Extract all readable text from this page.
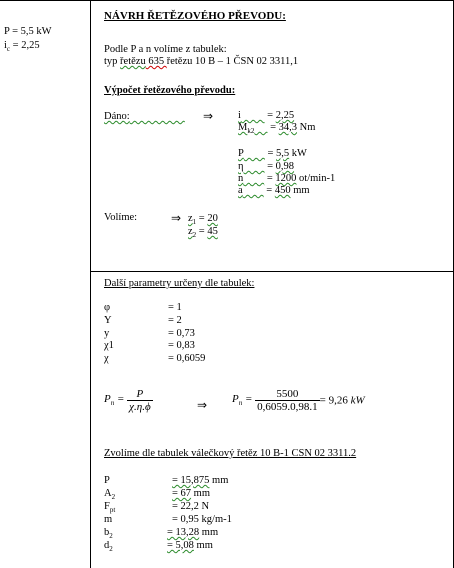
P = 5,5 kW
$i_c = 2,25$
NÁVRH ŘETĚZOVÉHO PŘEVODU:
Podle P a n volíme z tabulek:
typ řetězu 635 řetězu 10 B – 1 ČSN 02 3311,1
Výpočet řetězového převodu:
Dáno:	⇒ i          = 2,25
$M_{k2}$      = 34,3 Nm
P         = 5,5 kW
η         = 0,98
n         = 1200 ot/min-1
a         = 450 mm
Volíme:	⇒ $z_1 = 20$
$z_2 = 45$
Další parametry určeny dle tabulek:
φ	= 1
Y	= 2
y	= 0,73
χ1	= 0,83
χ	= 0,6059
$P_n = \frac{P}{\chi.\eta.\phi}$	⇒ $P_n = \frac{5500}{0,6059.0,98.1} = 9,26$ kW
Zvolíme dle tabulek válečkový řetěz 10 B-1 CSN 02 3311.2
P	= 15,875 mm
$A_2$	= 67 mm
$F_{pt}$	= 22,2 N
m	= 0,95 kg/m-1
$b_2$	= 13,28 mm
$d_2$	= 5,08 mm
